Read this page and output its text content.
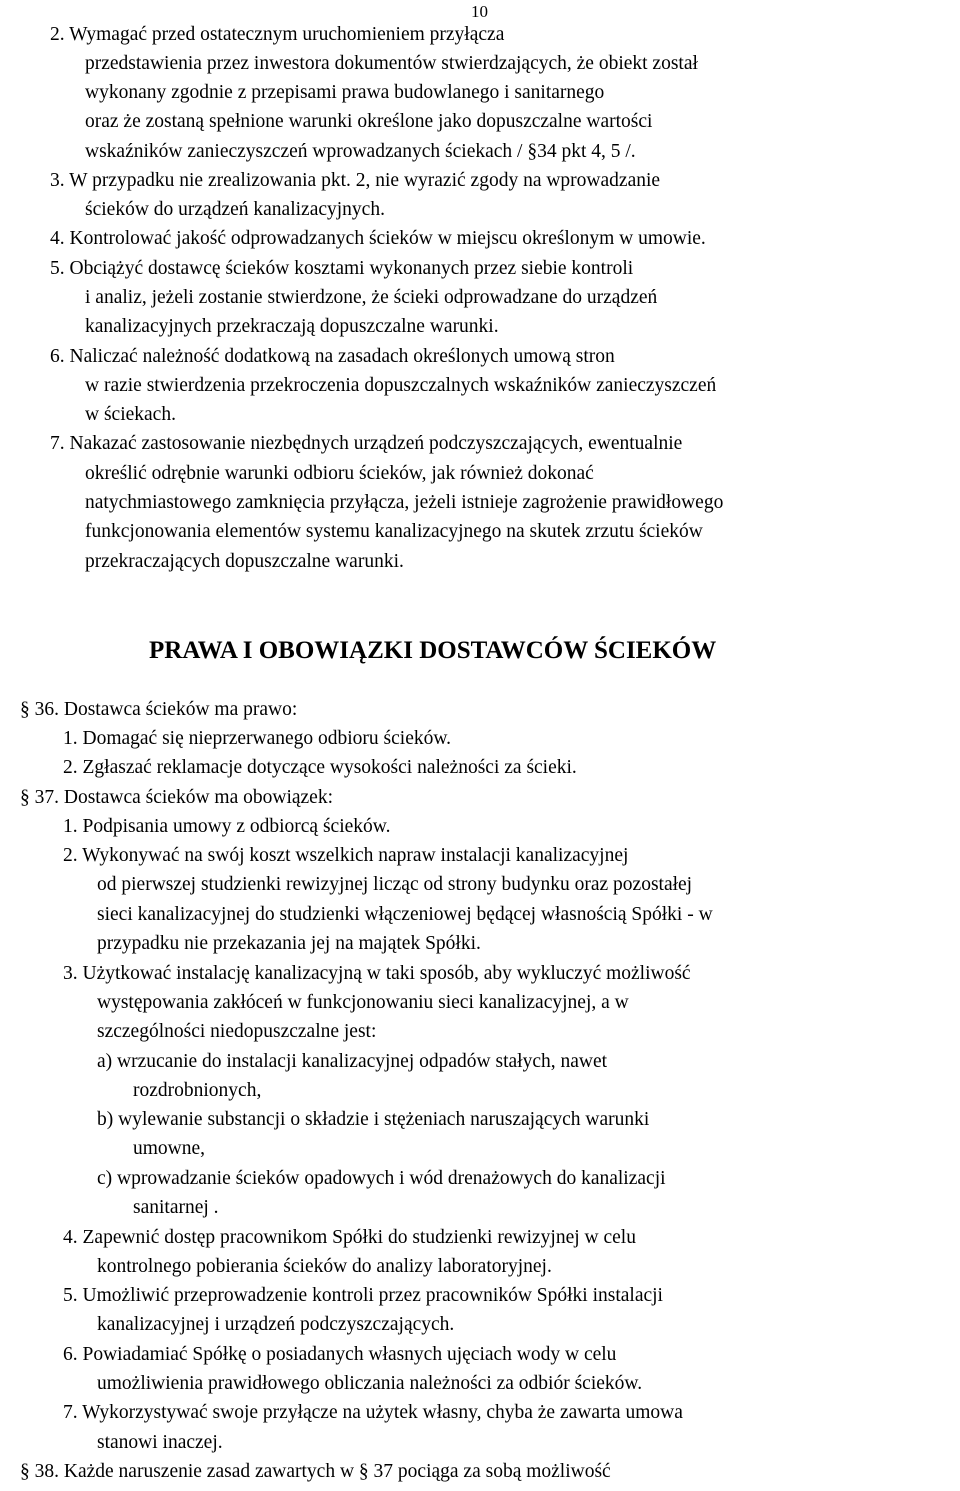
10
2. Wymagać przed ostatecznym uruchomieniem przyłącza
przedstawienia przez inwestora dokumentów stwierdzających, że obiekt został
wykonany zgodnie z przepisami prawa budowlanego i sanitarnego
oraz że zostaną spełnione warunki określone jako dopuszczalne wartości
wskaźników zanieczyszczeń wprowadzanych ściekach / §34 pkt 4, 5 /.
3. W przypadku nie zrealizowania pkt. 2, nie wyrazić zgody na wprowadzanie
ścieków do urządzeń kanalizacyjnych.
4. Kontrolować jakość odprowadzanych ścieków w miejscu określonym w umowie.
5. Obciążyć dostawcę ścieków kosztami wykonanych przez siebie kontroli
i analiz, jeżeli zostanie stwierdzone, że ścieki odprowadzane do urządzeń
kanalizacyjnych przekraczają dopuszczalne warunki.
6. Naliczać należność dodatkową na zasadach określonych umową stron
w razie stwierdzenia przekroczenia dopuszczalnych wskaźników zanieczyszczeń
w ściekach.
7. Nakazać zastosowanie niezbędnych urządzeń podczyszczających, ewentualnie
określić odrębnie warunki odbioru ścieków, jak również dokonać
natychmiastowego zamknięcia przyłącza, jeżeli istnieje zagrożenie prawidłowego
funkcjonowania elementów systemu kanalizacyjnego na skutek zrzutu ścieków
przekraczających dopuszczalne warunki.
PRAWA I OBOWIĄZKI DOSTAWCÓW ŚCIEKÓW
§ 36. Dostawca ścieków ma prawo:
1. Domagać się nieprzerwanego odbioru ścieków.
2. Zgłaszać reklamacje dotyczące wysokości należności za ścieki.
§ 37. Dostawca ścieków ma obowiązek:
1. Podpisania umowy z odbiorcą ścieków.
2. Wykonywać na swój koszt wszelkich napraw instalacji kanalizacyjnej
od pierwszej studzienki rewizyjnej licząc od strony budynku oraz pozostałej
sieci kanalizacyjnej do studzienki włączeniowej będącej własnością Spółki - w
przypadku nie przekazania jej na majątek Spółki.
3. Użytkować instalację kanalizacyjną w taki sposób, aby wykluczyć możliwość
występowania zakłóceń w funkcjonowaniu sieci kanalizacyjnej, a w
szczególności niedopuszczalne jest:
a) wrzucanie do instalacji kanalizacyjnej odpadów stałych, nawet
rozdrobnionych,
b) wylewanie substancji o składzie i stężeniach naruszających warunki
umowne,
c) wprowadzanie ścieków opadowych i wód drenażowych do kanalizacji
sanitarnej .
4. Zapewnić dostęp pracownikom Spółki do studzienki rewizyjnej w celu
kontrolnego pobierania ścieków do analizy laboratoryjnej.
5. Umożliwić przeprowadzenie kontroli przez pracowników Spółki instalacji
kanalizacyjnej i urządzeń podczyszczających.
6. Powiadamiać Spółkę o posiadanych własnych ujęciach wody w celu
umożliwienia prawidłowego obliczania należności za odbiór ścieków.
7. Wykorzystywać swoje przyłącze na użytek własny, chyba że zawarta umowa
stanowi inaczej.
§ 38. Każde naruszenie zasad zawartych w § 37 pociąga za sobą możliwość
